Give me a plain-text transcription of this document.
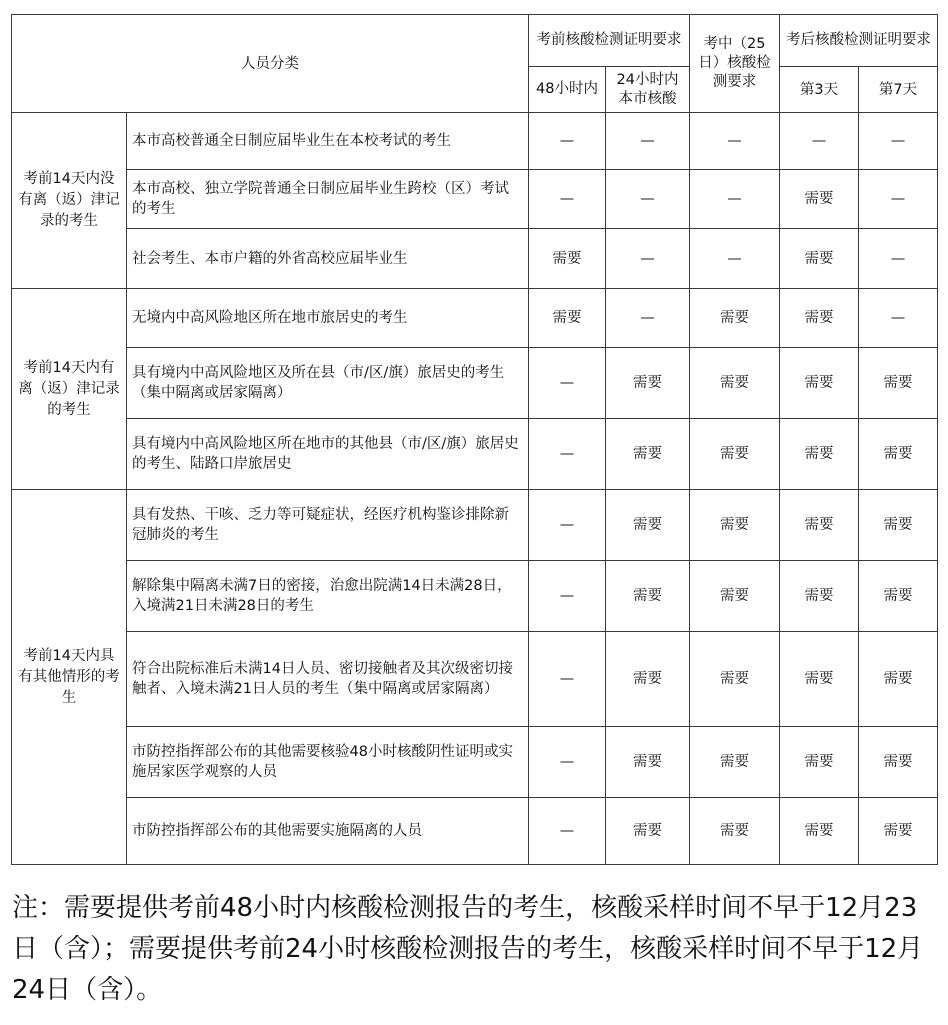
人员分类		考前核酸检测证明要求		考中（25日）核酸检测要求	考后核酸检测证明要求	
		48小时内	24小时内本市核酸		第3天	第7天
考前14天内没有离（返）津记录的考生	本市高校普通全日制应届毕业生在本校考试的考生	—	—	—	—	—
	本市高校、独立学院普通全日制应届毕业生跨校（区）考试的考生	—	—	—	需要	—
	社会考生、本市户籍的外省高校应届毕业生	需要	—	—	需要	—
考前14天内有离（返）津记录的考生	无境内中高风险地区所在地市旅居史的考生	需要	—	需要	需要	—
	具有境内中高风险地区及所在县（市/区/旗）旅居史的考生（集中隔离或居家隔离）	—	需要	需要	需要	需要
	具有境内中高风险地区所在地市的其他县（市/区/旗）旅居史的考生、陆路口岸旅居史	—	需要	需要	需要	需要
考前14天内具有其他情形的考生	具有发热、干咳、乏力等可疑症状，经医疗机构鉴诊排除新冠肺炎的考生	—	需要	需要	需要	需要
	解除集中隔离未满7日的密接，治愈出院满14日未满28日，入境满21日未满28日的考生	—	需要	需要	需要	需要
	符合出院标准后未满14日人员、密切接触者及其次级密切接触者、入境未满21日人员的考生（集中隔离或居家隔离）	—	需要	需要	需要	需要
	市防控指挥部公布的其他需要核验48小时核酸阴性证明或实施居家医学观察的人员	—	需要	需要	需要	需要
	市防控指挥部公布的其他需要实施隔离的人员	—	需要	需要	需要	需要

注：需要提供考前48小时内核酸检测报告的考生，核酸采样时间不早于12月23日（含）；需要提供考前24小时核酸检测报告的考生，核酸采样时间不早于12月24日（含）。
